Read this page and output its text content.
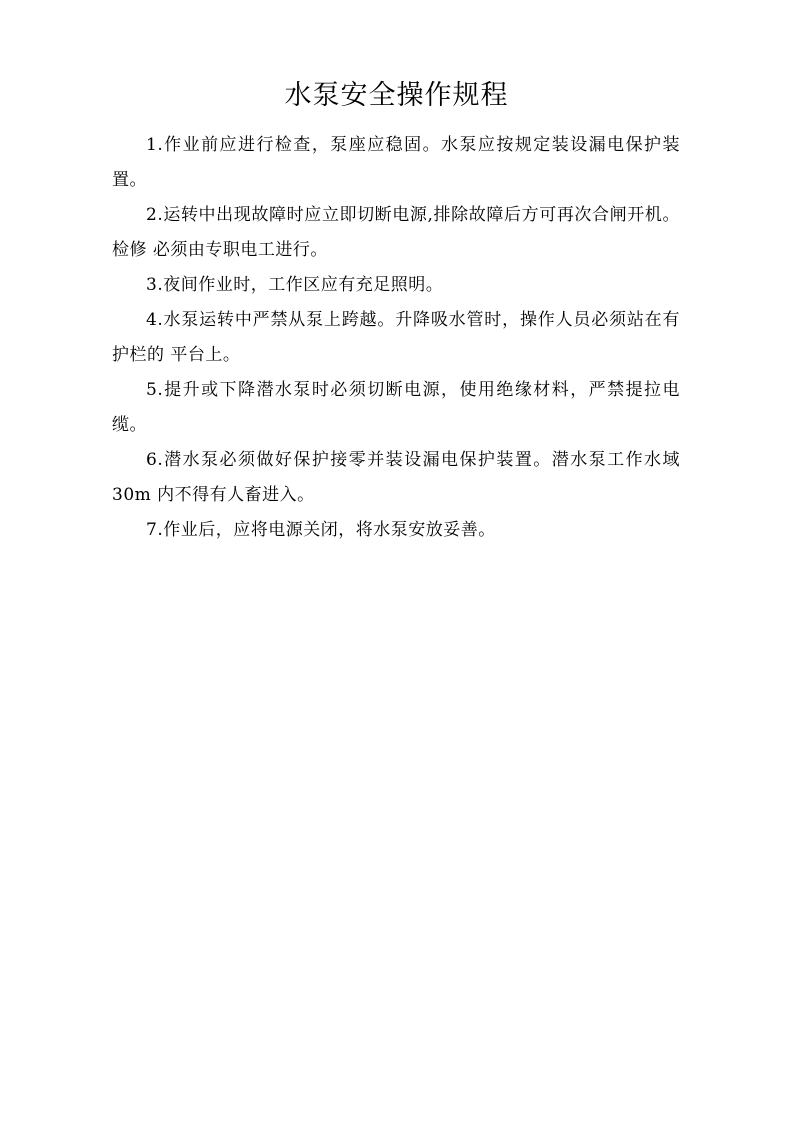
水泵安全操作规程

1.作业前应进行检查，泵座应稳固。水泵应按规定装设漏电保护装置。

2.运转中出现故障时应立即切断电源,排除故障后方可再次合闸开机。检修 必须由专职电工进行。

3.夜间作业时，工作区应有充足照明。

4.水泵运转中严禁从泵上跨越。升降吸水管时，操作人员必须站在有护栏的 平台上。

5.提升或下降潜水泵时必须切断电源，使用绝缘材料，严禁提拉电缆。

6.潜水泵必须做好保护接零并装设漏电保护装置。潜水泵工作水域 30m 内不得有人畜进入。

7.作业后，应将电源关闭，将水泵安放妥善。
